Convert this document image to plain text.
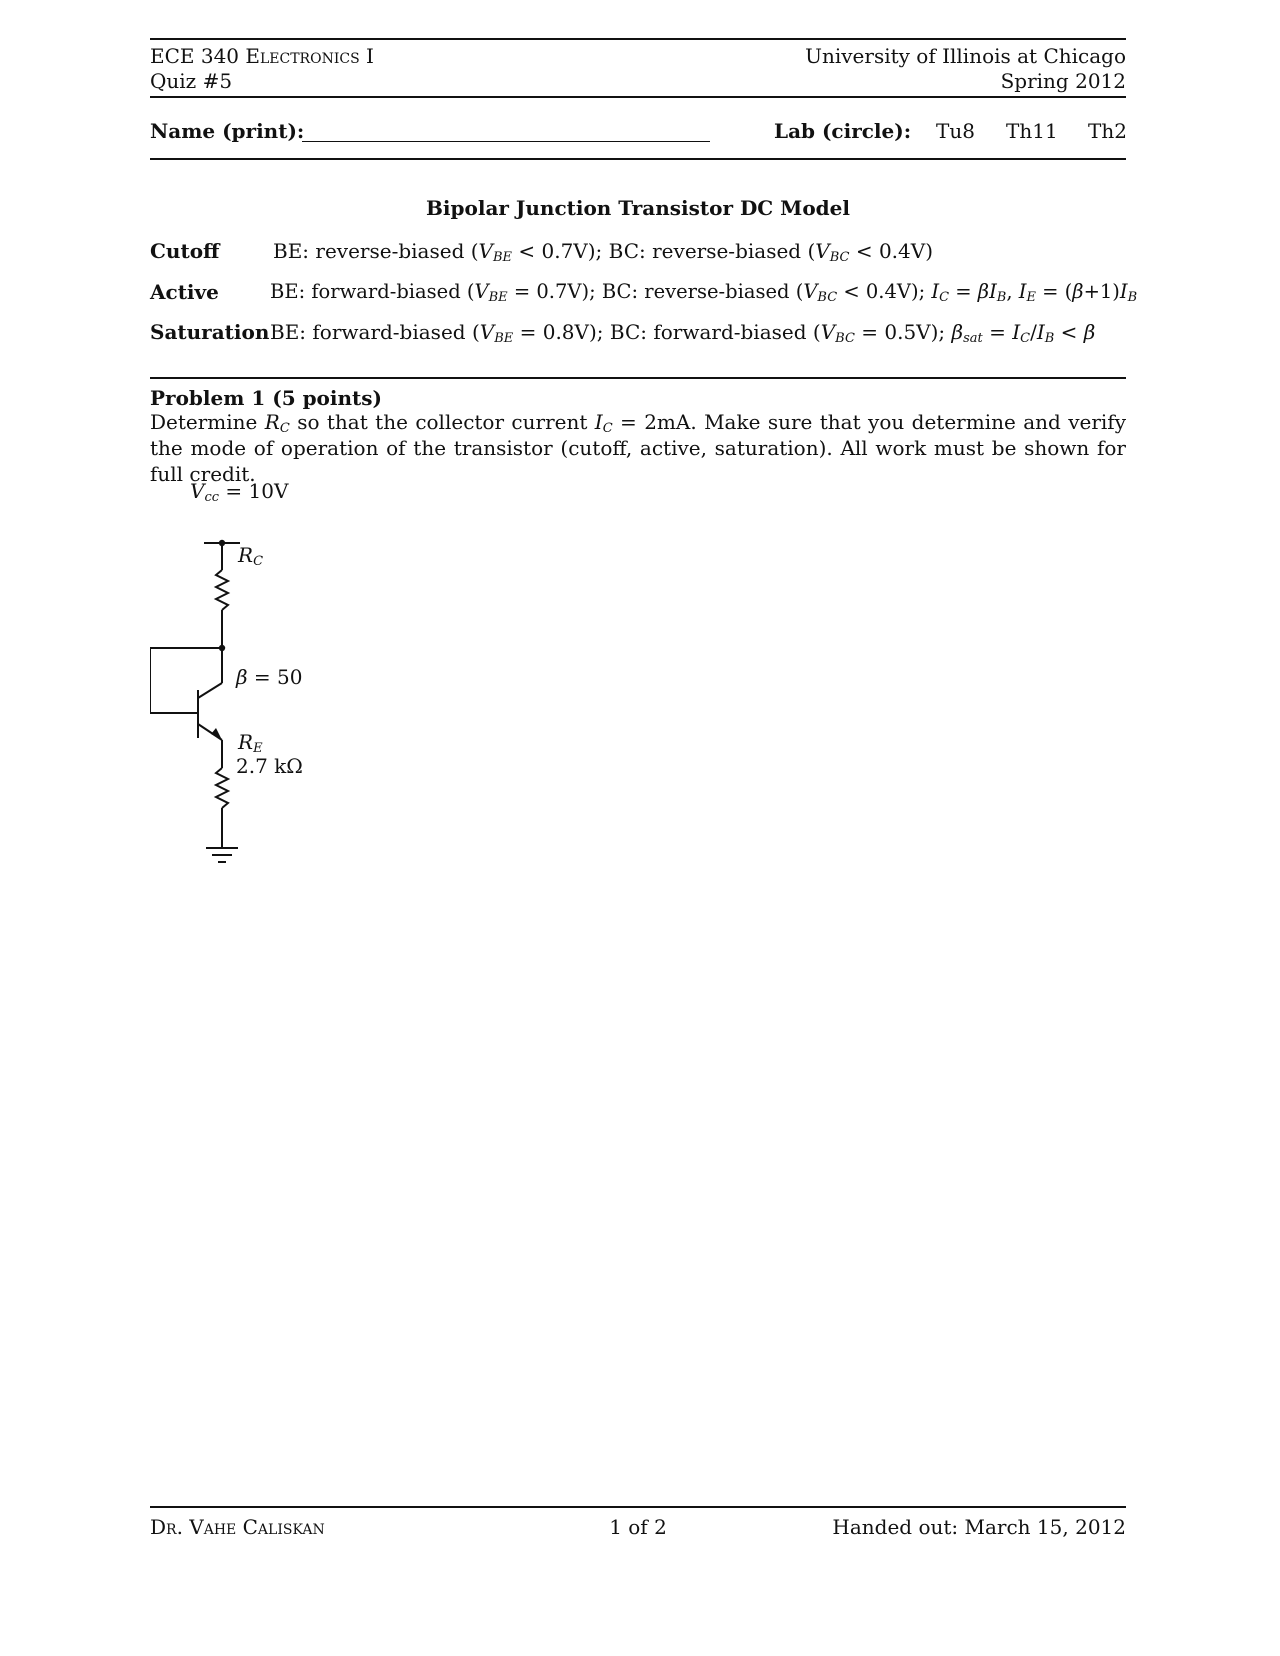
ECE 340 Electronics I
Quiz #5
University of Illinois at Chicago
Spring 2012
Name (print):	Lab (circle): Tu8 Th11 Th2
Bipolar Junction Transistor DC Model
Cutoff	BE: reverse-biased $(V_{BE} < 0.7V)$; BC: reverse-biased $(V_{BC} < 0.4V)$
Active	BE: forward-biased $(V_{BE} = 0.7V)$; BC: reverse-biased $(V_{BC} < 0.4V)$; $I_C = \beta I_B$, $I_E = (\beta+1)I_B$
Saturation BE: forward-biased $(V_{BE} = 0.8V)$; BC: forward-biased $(V_{BC} = 0.5V)$; $\beta_{sat} = I_C/I_B < \beta$
Problem 1 (5 points)
Determine $R_C$ so that the collector current $I_C = 2mA$. Make sure that you determine and verify the mode of operation of the transistor (cutoff, active, saturation). All work must be shown for full credit.
$V_{cc} = 10V$
$R_C$
β = 50
$R_E$
2.7 kΩ
Dr. Vahe Caliskan	1 of 2	Handed out: March 15, 2012
